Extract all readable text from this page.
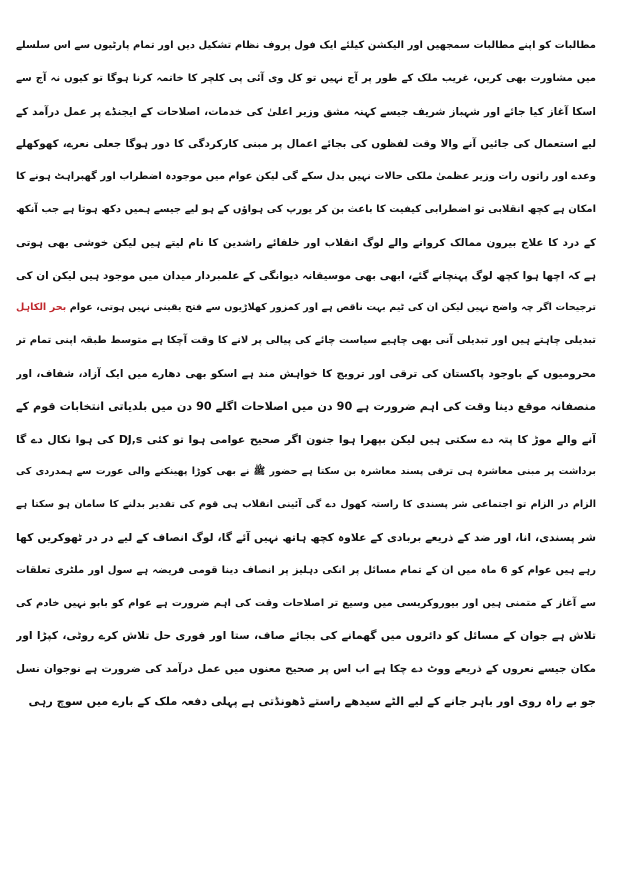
مطالبات کو اپنے مطالبات سمجھیں اور الیکشن کیلئے ایک فول پروف نظام تشکیل دیں اور تمام پارٹیوں سے اس سلسلے
میں مشاورت بھی کریں، غریب ملک کے طور پر آج نہیں تو کل وی آئی پی کلچر کا خاتمہ کرنا ہوگا تو کیوں نہ آج سے
اسکا آغاز کیا جائے اور شہباز شریف جیسے کہنہ مشق وزیر اعلیٰ کی خدمات، اصلاحات کے ایجنڈے پر عمل درآمد کے
لیے استعمال کی جائیں آنے والا وقت لفظوں کی بجائے اعمال پر مبنی کارکردگی کا دور ہوگا جعلی نعرے، کھوکھلے
وعدے اور راتوں رات وزیر عظمیٰ ملکی حالات نہیں بدل سکے گی لیکن عوام میں موجودہ اضطراب اور گھبراہٹ ہونے کا
امکان ہے کچھ انقلابی تو اضطرابی کیفیت کا باعث بن کر یورپ کی ہواؤں کے ہو لیے جیسے ہمیں دکھ ہوتا ہے جب آنکھ
کے درد کا علاج بیرون ممالک کروانے والے لوگ انقلاب اور خلفائے راشدین کا نام لیتے ہیں لیکن خوشی بھی ہوتی
ہے کہ اچھا ہوا کچھ لوگ پہنچانے گئے، ابھی بھی موسیقانہ دیوانگی کے علمبردار میدان میں موجود ہیں لیکن ان کی
ترجیحات اگر چہ واضح نہیں لیکن ان کی ٹیم بہت ناقص ہے اور کمزور کھلاڑیوں سے فتح یقینی نہیں ہوتی، عوام بحر الکاہل
تبدیلی چاہتے ہیں اور تبدیلی آنی بھی چاہیے سیاست چائے کی پیالی پر لانے کا وقت آچکا ہے متوسط طبقہ اپنی تمام تر
محرومیوں کے باوجود پاکستان کی ترقی اور ترویج کا خواہش مند ہے اسکو بھی دھارے میں ایک آزاد، شفاف، اور
منصفانہ موقع دینا وقت کی اہم ضرورت ہے 90 دن میں اصلاحات اگلے 90 دن میں بلدیاتی انتخابات قوم کے
آنے والے موڑ کا پتہ دے سکتی ہیں لیکن بپھرا ہوا جنون اگر صحیح عوامی ہوا تو کئی DJ,s کی ہوا نکال دے گا
برداشت پر مبنی معاشرہ ہی ترقی پسند معاشرہ بن سکتا ہے حضور ﷺ نے بھی کوڑا پھینکنے والی عورت سے ہمدردی کی
الزام در الزام تو اجتماعی شر پسندی کا راستہ کھول دے گی آئینی انقلاب ہی قوم کی تقدیر بدلنے کا سامان ہو سکتا ہے
شر پسندی، انا، اور ضد کے ذریعے بربادی کے علاوہ کچھ ہاتھ نہیں آئے گا، لوگ انصاف کے لیے در در ٹھوکریں کھا
رہے ہیں عوام کو 6 ماہ میں ان کے تمام مسائل پر انکی دہلیز پر انصاف دینا قومی فریضہ ہے سول اور ملٹری تعلقات
سے آغاز کے متمنی ہیں اور بیوروکریسی میں وسیع تر اصلاحات وقت کی اہم ضرورت ہے عوام کو بابو نہیں خادم کی
تلاش ہے جوان کے مسائل کو دائروں میں گھمانے کی بجائے صاف، ستا اور فوری حل تلاش کرے روٹی، کپڑا اور
مکان جیسے نعروں کے ذریعے ووٹ دے چکا ہے اب اس پر صحیح معنوں میں عمل درآمد کی ضرورت ہے نوجوان نسل
جو بے راہ روی اور باہر جانے کے لیے الٹے سیدھے راستے ڈھونڈتی ہے پہلی دفعہ ملک کے بارے میں سوچ رہی
